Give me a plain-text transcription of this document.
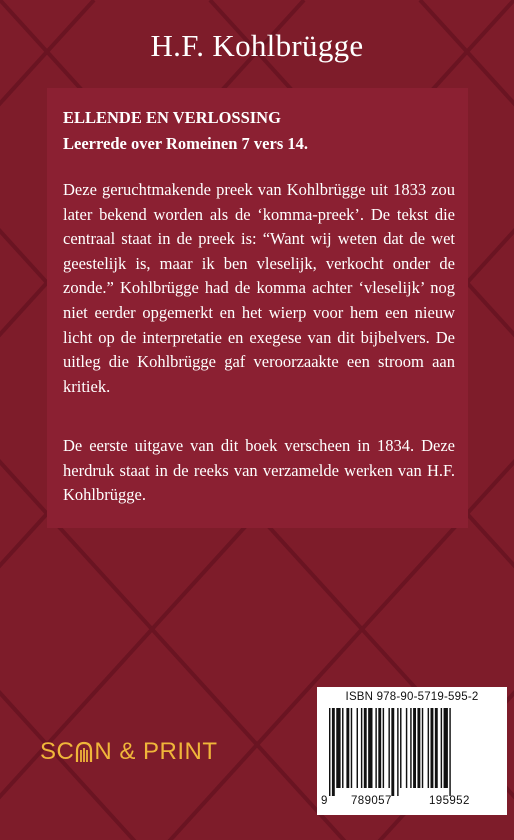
H.F. Kohlbrügge
ELLENDE EN VERLOSSING
Leerrede over Romeinen 7 vers 14.
Deze geruchtmakende preek van Kohlbrügge uit 1833 zou later bekend worden als de ‘komma-preek’. De tekst die centraal staat in de preek is: “Want wij weten dat de wet geestelijk is, maar ik ben vleselijk, verkocht onder de zonde.” Kohlbrügge had de komma achter ‘vleselijk’ nog niet eerder opgemerkt en het wierp voor hem een nieuw licht op de interpretatie en exegese van dit bijbelvers. De uitleg die Kohlbrügge gaf veroorzaakte een stroom aan kritiek.
De eerste uitgave van dit boek verscheen in 1834. Deze herdruk staat in de reeks van verzamelde werken van H.F. Kohlbrügge.
SC N & PRINT
ISBN 978-90-5719-595-2
9 789057	195952
